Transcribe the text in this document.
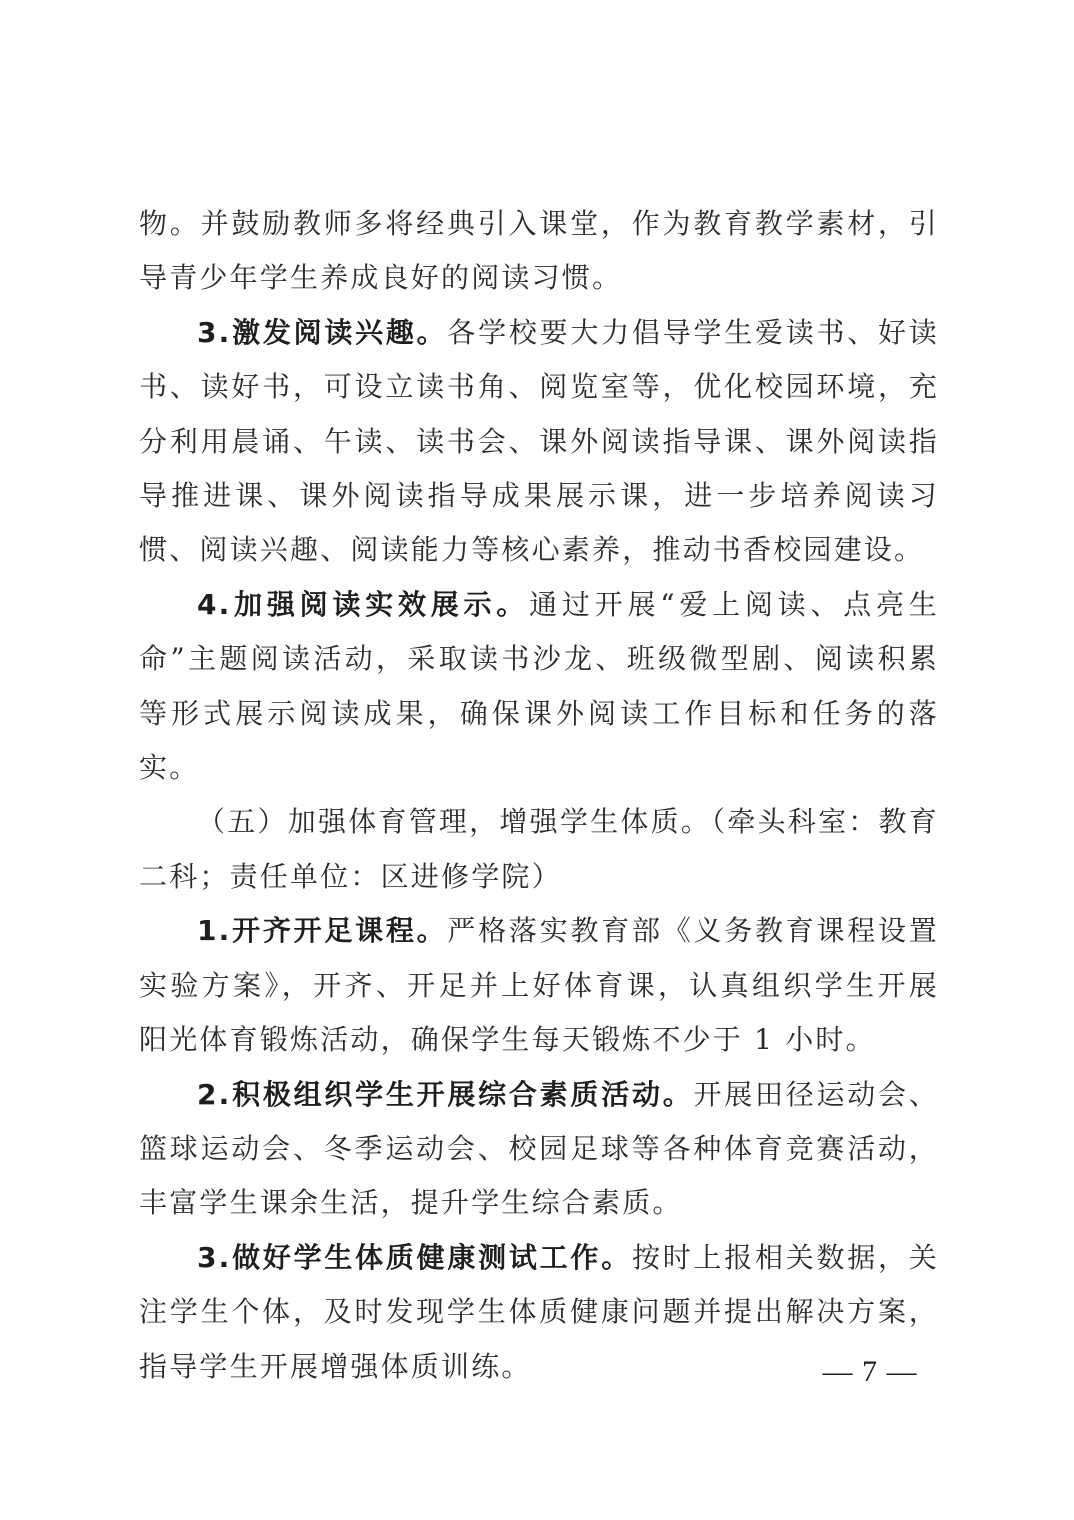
物。并鼓励教师多将经典引入课堂，作为教育教学素材，引导青少年学生养成良好的阅读习惯。

3.激发阅读兴趣。各学校要大力倡导学生爱读书、好读书、读好书，可设立读书角、阅览室等，优化校园环境，充分利用晨诵、午读、读书会、课外阅读指导课、课外阅读指导推进课、课外阅读指导成果展示课，进一步培养阅读习惯、阅读兴趣、阅读能力等核心素养，推动书香校园建设。

4.加强阅读实效展示。通过开展“爱上阅读、点亮生命”主题阅读活动，采取读书沙龙、班级微型剧、阅读积累等形式展示阅读成果，确保课外阅读工作目标和任务的落实。

（五）加强体育管理，增强学生体质。（牵头科室：教育二科；责任单位：区进修学院）

1.开齐开足课程。严格落实教育部《义务教育课程设置实验方案》，开齐、开足并上好体育课，认真组织学生开展阳光体育锻炼活动，确保学生每天锻炼不少于 1 小时。

2.积极组织学生开展综合素质活动。开展田径运动会、篮球运动会、冬季运动会、校园足球等各种体育竞赛活动，丰富学生课余生活，提升学生综合素质。

3.做好学生体质健康测试工作。按时上报相关数据，关注学生个体，及时发现学生体质健康问题并提出解决方案，指导学生开展增强体质训练。	— 7 —
